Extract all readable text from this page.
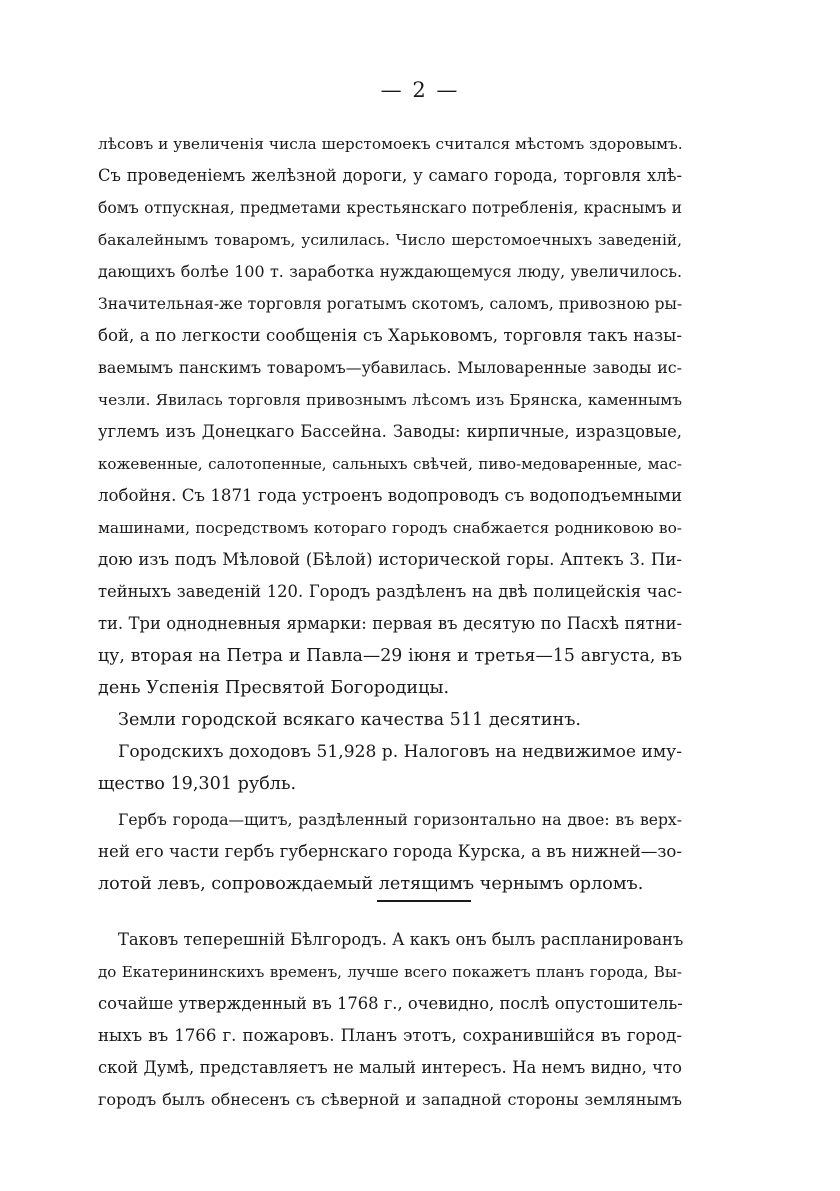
— 2 —
лѣсовъ и увеличенія числа шерстомоекъ считался мѣстомъ здоровымъ.
Съ проведеніемъ желѣзной дороги, у самаго города, торговля хлѣ-
бомъ отпускная, предметами крестьянскаго потребленія, краснымъ и
бакалейнымъ товаромъ, усилилась. Число шерстомоечныхъ заведеній,
дающихъ болѣе 100 т. заработка нуждающемуся люду, увеличилось.
Значительная-же торговля рогатымъ скотомъ, саломъ, привозною ры-
бой, а по легкости сообщенія съ Харьковомъ, торговля такъ назы-
ваемымъ панскимъ товаромъ—убавилась. Мыловаренные заводы ис-
чезли. Явилась торговля привознымъ лѣсомъ изъ Брянска, каменнымъ
углемъ изъ Донецкаго Бассейна. Заводы: кирпичные, изразцовые,
кожевенные, салотопенные, сальныхъ свѣчей, пиво-медоваренные, мас-
лобойня. Съ 1871 года устроенъ водопроводъ съ водоподъемными
машинами, посредствомъ котораго городъ снабжается родниковою во-
дою изъ подъ Мѣловой (Бѣлой) исторической горы. Аптекъ 3. Пи-
тейныхъ заведеній 120. Городъ раздѣленъ на двѣ полицейскія час-
ти. Три однодневныя ярмарки: первая въ десятую по Пасхѣ пятни-
цу, вторая на Петра и Павла—29 іюня и третья—15 августа, въ
день Успенія Пресвятой Богородицы.
Земли городской всякаго качества 511 десятинъ.
Городскихъ доходовъ 51,928 р. Налоговъ на недвижимое иму-
щество 19,301 рубль.
Гербъ города—щитъ, раздѣленный горизонтально на двое: въ верх-
ней его части гербъ губернскаго города Курска, а въ нижней—зо-
лотой левъ, сопровождаемый летящимъ чернымъ орломъ.
Таковъ теперешній Бѣлгородъ. А какъ онъ былъ распланированъ
до Екатерининскихъ временъ, лучше всего покажетъ планъ города, Вы-
сочайше утвержденный въ 1768 г., очевидно, послѣ опустошитель-
ныхъ въ 1766 г. пожаровъ. Планъ этотъ, сохранившійся въ город-
ской Думѣ, представляетъ не малый интересъ. На немъ видно, что
городъ былъ обнесенъ съ сѣверной и западной стороны землянымъ
